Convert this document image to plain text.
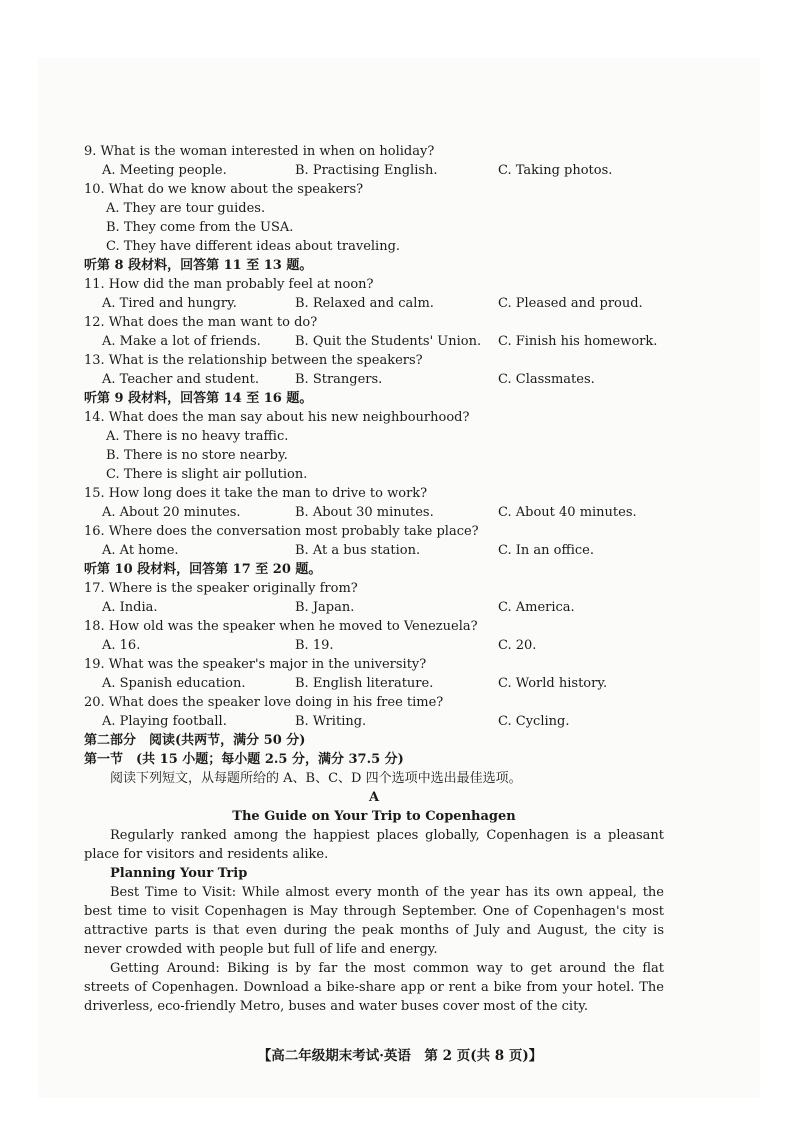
9. What is the woman interested in when on holiday?
A. Meeting people.	B. Practising English.	C. Taking photos.
10. What do we know about the speakers?
A. They are tour guides.
B. They come from the USA.
C. They have different ideas about traveling.
听第 8 段材料，回答第 11 至 13 题。
11. How did the man probably feel at noon?
A. Tired and hungry.	B. Relaxed and calm.	C. Pleased and proud.
12. What does the man want to do?
A. Make a lot of friends.	B. Quit the Students' Union. C. Finish his homework.
13. What is the relationship between the speakers?
A. Teacher and student.	B. Strangers.	C. Classmates.
听第 9 段材料，回答第 14 至 16 题。
14. What does the man say about his new neighbourhood?
A. There is no heavy traffic.
B. There is no store nearby.
C. There is slight air pollution.
15. How long does it take the man to drive to work?
A. About 20 minutes.	B. About 30 minutes.	C. About 40 minutes.
16. Where does the conversation most probably take place?
A. At home.	B. At a bus station.	C. In an office.
听第 10 段材料，回答第 17 至 20 题。
17. Where is the speaker originally from?
A. India.	B. Japan.	C. America.
18. How old was the speaker when he moved to Venezuela?
A. 16.	B. 19.	C. 20.
19. What was the speaker's major in the university?
A. Spanish education.	B. English literature.	C. World history.
20. What does the speaker love doing in his free time?
A. Playing football.	B. Writing.	C. Cycling.
第二部分　阅读(共两节，满分 50 分)
第一节　(共 15 小题；每小题 2.5 分，满分 37.5 分)
阅读下列短文，从每题所给的 A、B、C、D 四个选项中选出最佳选项。
A
The Guide on Your Trip to Copenhagen
Regularly ranked among the happiest places globally, Copenhagen is a pleasant place for visitors and residents alike.
Planning Your Trip
Best Time to Visit: While almost every month of the year has its own appeal, the best time to visit Copenhagen is May through September. One of Copenhagen's most attractive parts is that even during the peak months of July and August, the city is never crowded with people but full of life and energy.
Getting Around: Biking is by far the most common way to get around the flat streets of Copenhagen. Download a bike-share app or rent a bike from your hotel. The driverless, eco-friendly Metro, buses and water buses cover most of the city.
【高二年级期末考试·英语　第 2 页(共 8 页)】
